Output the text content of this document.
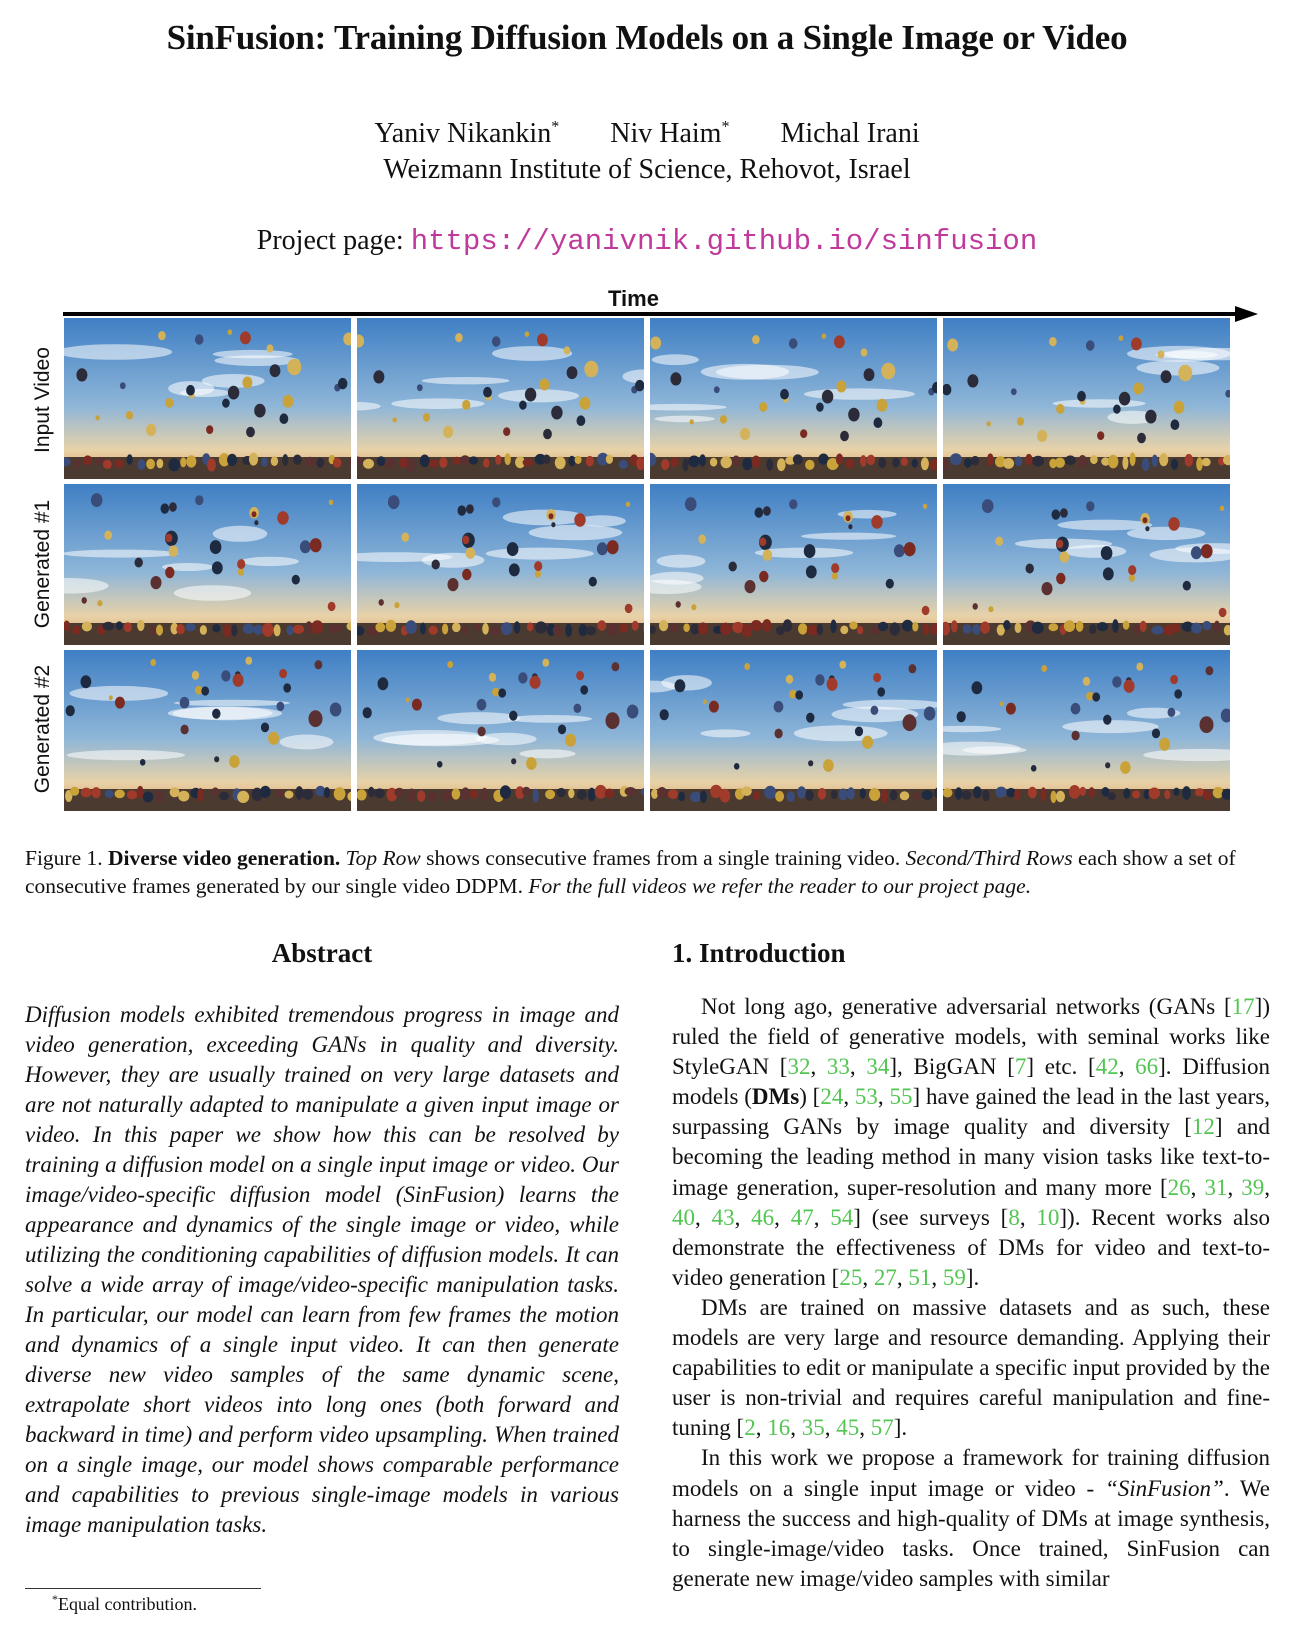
SinFusion: Training Diffusion Models on a Single Image or Video
Yaniv Nikankin* Niv Haim* Michal Irani
Weizmann Institute of Science, Rehovot, Israel
Project page: https://yanivnik.github.io/sinfusion
Time
Input Video
Generated #1
Generated #2
Figure 1. Diverse video generation. Top Row shows consecutive frames from a single training video. Second/Third Rows each show a set of consecutive frames generated by our single video DDPM. For the full videos we refer the reader to our project page.
Abstract
Diffusion models exhibited tremendous progress in image and video generation, exceeding GANs in quality and diversity. However, they are usually trained on very large datasets and are not naturally adapted to manipulate a given input image or video. In this paper we show how this can be resolved by training a diffusion model on a single input image or video. Our image/video-specific diffusion model (SinFusion) learns the appearance and dynamics of the single image or video, while utilizing the conditioning capabilities of diffusion models. It can solve a wide array of image/video-specific manipulation tasks. In particular, our model can learn from few frames the motion and dynamics of a single input video. It can then generate diverse new video samples of the same dynamic scene, extrapolate short videos into long ones (both forward and backward in time) and perform video upsampling. When trained on a single image, our model shows comparable performance and capabilities to previous single-image models in various image manipulation tasks.
*Equal contribution.
1. Introduction

Not long ago, generative adversarial networks (GANs [17]) ruled the field of generative models, with seminal works like StyleGAN [32, 33, 34], BigGAN [7] etc. [42, 66]. Diffusion models (DMs) [24, 53, 55] have gained the lead in the last years, surpassing GANs by image quality and diversity [12] and becoming the leading method in many vision tasks like text-to-image generation, super-resolution and many more [26, 31, 39, 40, 43, 46, 47, 54] (see surveys [8, 10]). Recent works also demonstrate the effectiveness of DMs for video and text-to-video generation [25, 27, 51, 59].

DMs are trained on massive datasets and as such, these models are very large and resource demanding. Applying their capabilities to edit or manipulate a specific input provided by the user is non-trivial and requires careful manipulation and fine-tuning [2, 16, 35, 45, 57].

In this work we propose a framework for training diffusion models on a single input image or video - “SinFusion”. We harness the success and high-quality of DMs at image synthesis, to single-image/video tasks. Once trained, SinFusion can generate new image/video samples with similar
